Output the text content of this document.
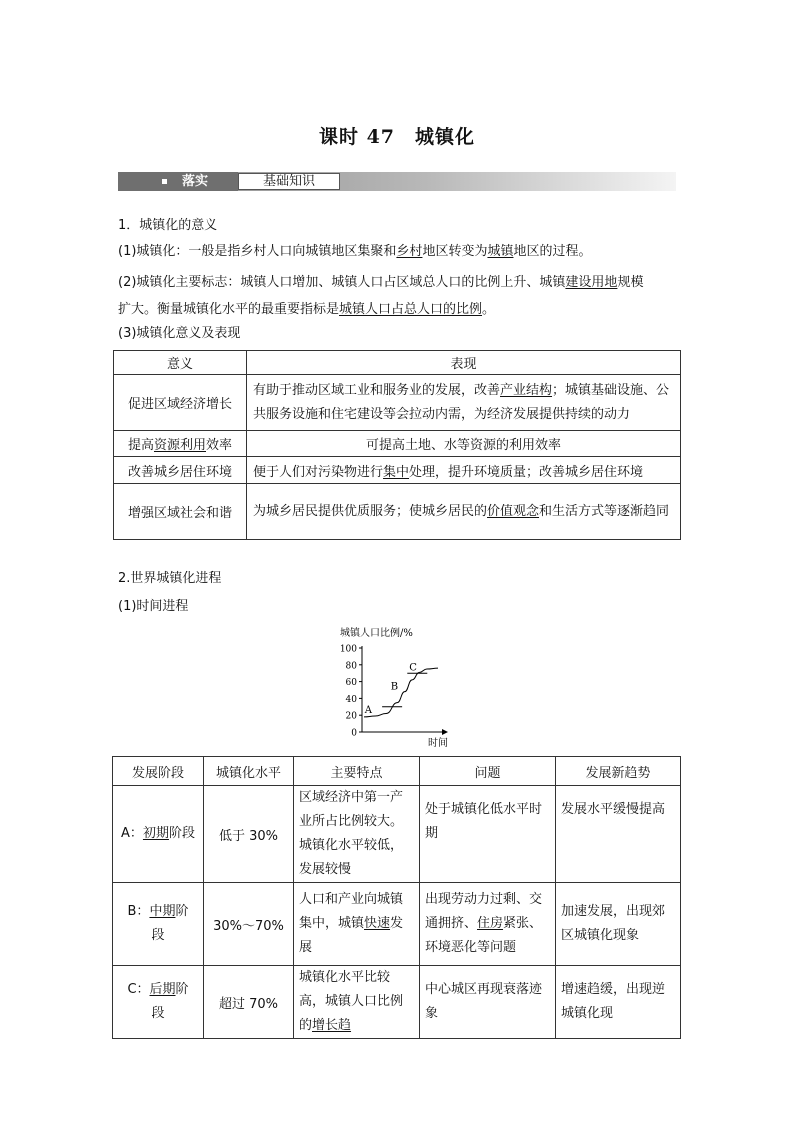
课时 47　城镇化
落实	基础知识
1．城镇化的意义
(1)城镇化：一般是指乡村人口向城镇地区集聚和乡村地区转变为城镇地区的过程。
(2)城镇化主要标志：城镇人口增加、城镇人口占区域总人口的比例上升、城镇建设用地规模
扩大。衡量城镇化水平的最重要指标是城镇人口占总人口的比例。
(3)城镇化意义及表现
意义	表现
促进区域经济增长	有助于推动区域工业和服务业的发展，改善产业结构；城镇基础设施、公共服务设施和住宅建设等会拉动内需，为经济发展提供持续的动力
提高资源利用效率	可提高土地、水等资源的利用效率
改善城乡居住环境	便于人们对污染物进行集中处理，提升环境质量；改善城乡居住环境
增强区域社会和谐	为城乡居民提供优质服务；使城乡居民的价值观念和生活方式等逐渐趋同
2.世界城镇化进程
(1)时间进程
城镇人口比例/%
时间
100
80
60
40
20
0
A
B
C
发展阶段	城镇化水平	主要特点	问题	发展新趋势
A：初期阶段	低于 30%	区域经济中第一产业所占比例较大。城镇化水平较低，发展较慢	处于城镇化低水平时期	发展水平缓慢提高
B：中期阶
段	30%～70%	人口和产业向城镇集中，城镇快速发展	出现劳动力过剩、交通拥挤、住房紧张、环境恶化等问题	加速发展，出现郊区城镇化现象
C：后期阶
段	超过 70%	城镇化水平比较高，城镇人口比例的增长趋	中心城区再现衰落迹象	增速趋缓，出现逆城镇化现
